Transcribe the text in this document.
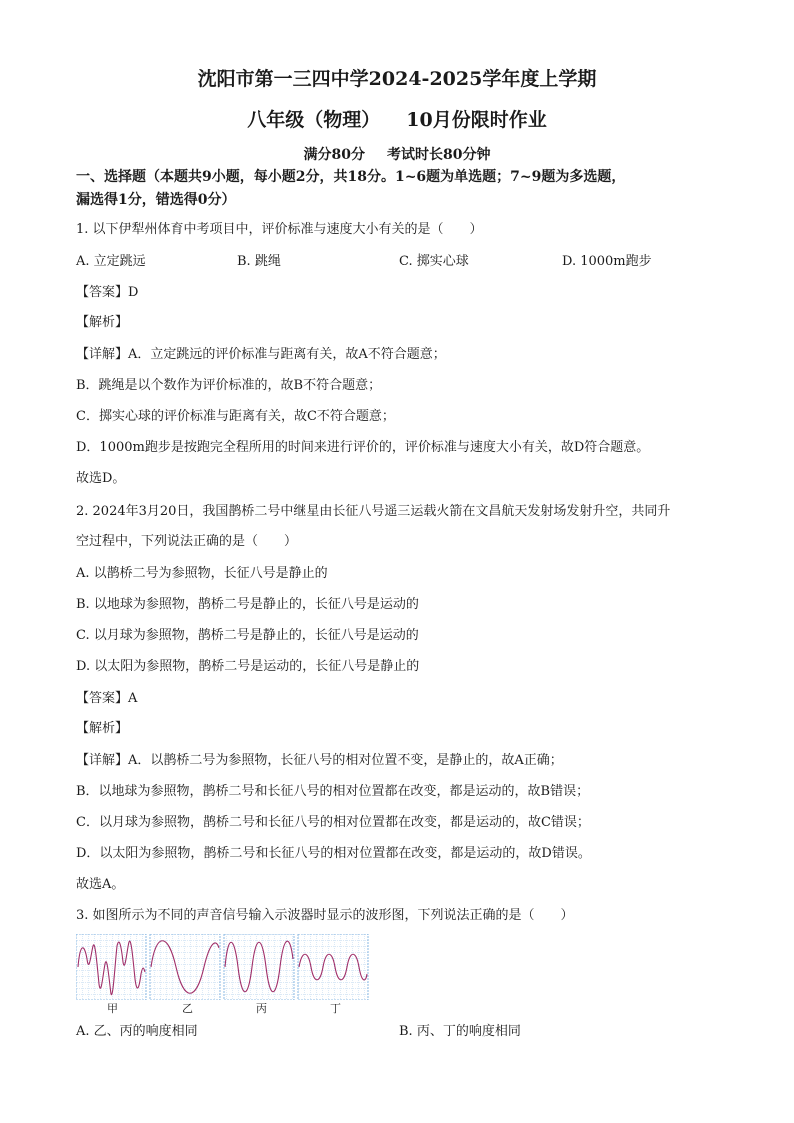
沈阳市第一三四中学2024-2025学年度上学期
八年级（物理） 10月份限时作业
满分80分 考试时长80分钟
一、选择题（本题共9小题，每小题2分，共18分。1~6题为单选题；7~9题为多选题，
漏选得1分，错选得0分）
1. 以下伊犁州体育中考项目中，评价标准与速度大小有关的是（　　）
A. 立定跳远	B. 跳绳	C. 掷实心球	D. 1000m跑步
【答案】D
【解析】
【详解】A．立定跳远的评价标准与距离有关，故A不符合题意；
B．跳绳是以个数作为评价标准的，故B不符合题意；
C．掷实心球的评价标准与距离有关，故C不符合题意；
D．1000m跑步是按跑完全程所用的时间来进行评价的，评价标准与速度大小有关，故D符合题意。
故选D。
2. 2024年3月20日，我国鹊桥二号中继星由长征八号遥三运载火箭在文昌航天发射场发射升空，共同升
空过程中，下列说法正确的是（　　）
A. 以鹊桥二号为参照物，长征八号是静止的
B. 以地球为参照物，鹊桥二号是静止的，长征八号是运动的
C. 以月球为参照物，鹊桥二号是静止的，长征八号是运动的
D. 以太阳为参照物，鹊桥二号是运动的，长征八号是静止的
【答案】A
【解析】
【详解】A．以鹊桥二号为参照物，长征八号的相对位置不变，是静止的，故A正确；
B．以地球为参照物，鹊桥二号和长征八号的相对位置都在改变，都是运动的，故B错误；
C．以月球为参照物，鹊桥二号和长征八号的相对位置都在改变，都是运动的，故C错误；
D．以太阳为参照物，鹊桥二号和长征八号的相对位置都在改变，都是运动的，故D错误。
故选A。
3. 如图所示为不同的声音信号输入示波器时显示的波形图，下列说法正确的是（　　）
甲	乙	丙	丁
A. 乙、丙的响度相同	B. 丙、丁的响度相同
